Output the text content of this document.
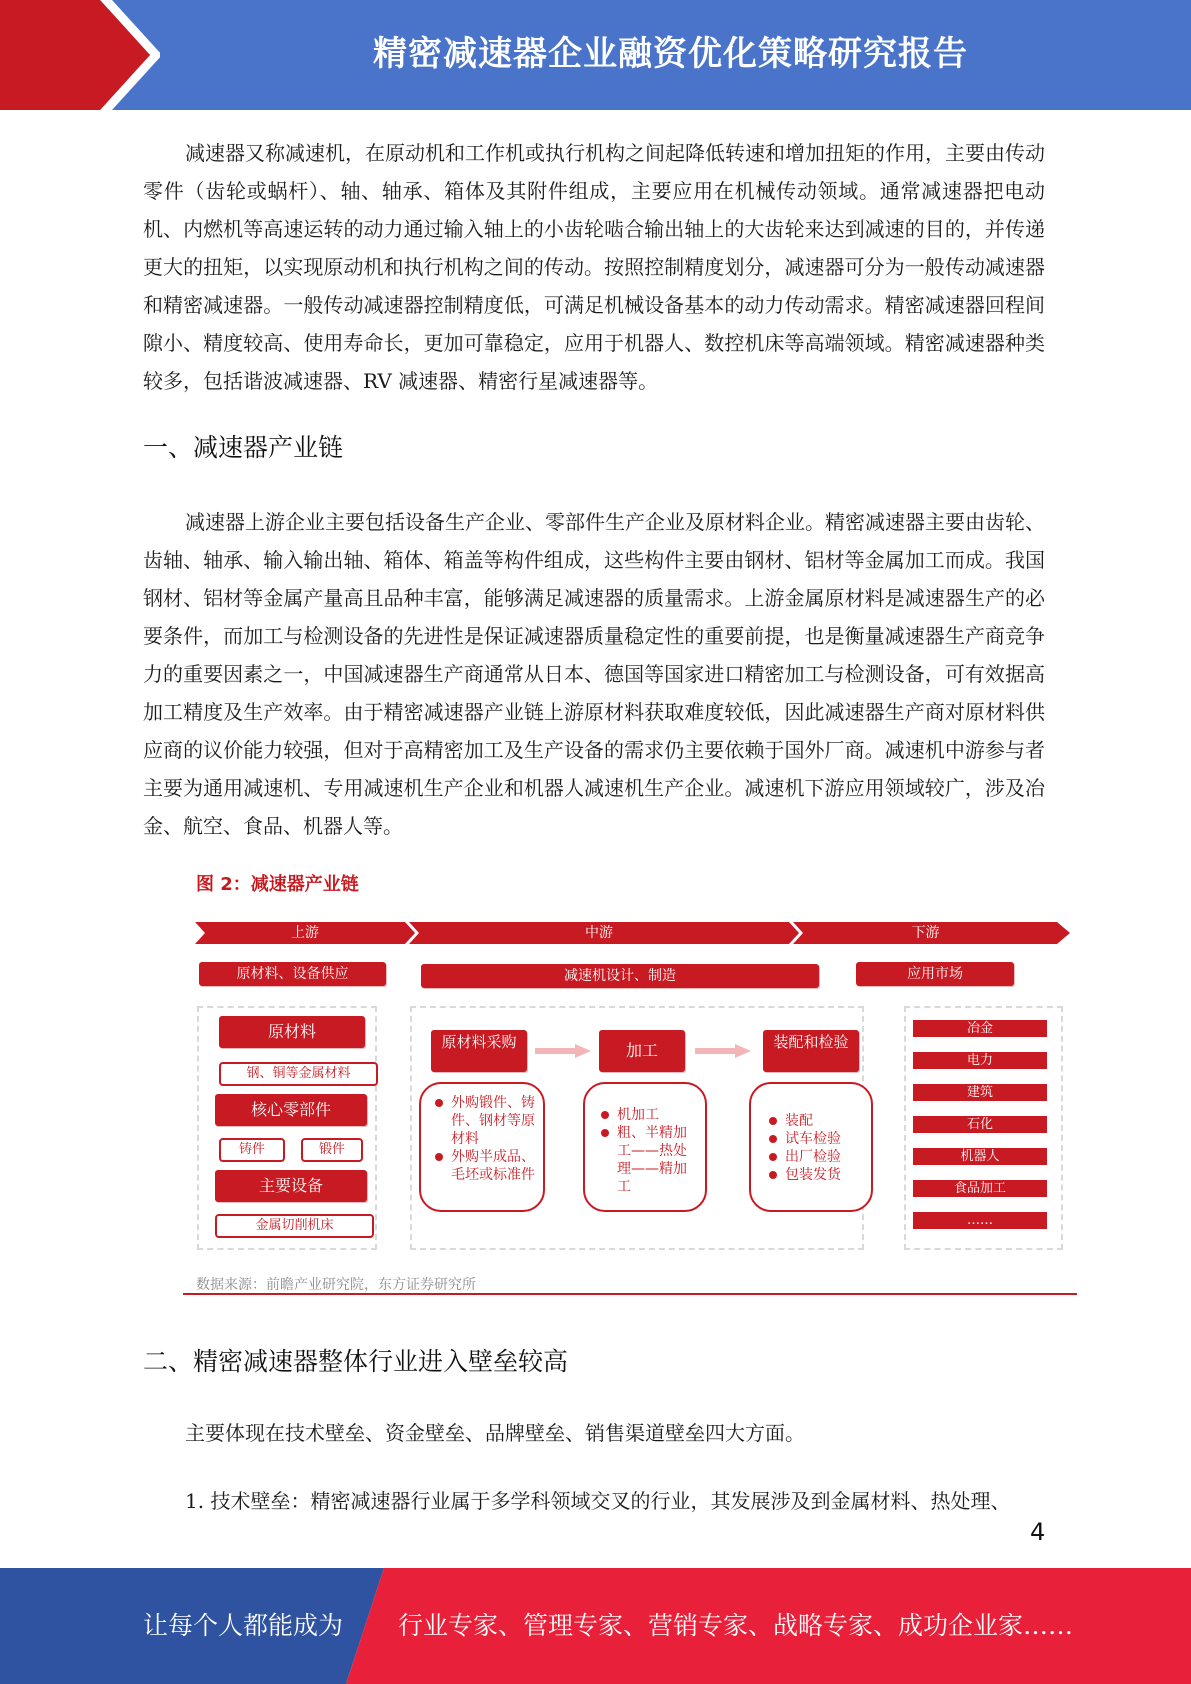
精密减速器企业融资优化策略研究报告

减速器又称减速机，在原动机和工作机或执行机构之间起降低转速和增加扭矩的作用，主要由传动零件（齿轮或蜗杆）、轴、轴承、箱体及其附件组成，主要应用在机械传动领域。通常减速器把电动机、内燃机等高速运转的动力通过输入轴上的小齿轮啮合输出轴上的大齿轮来达到减速的目的，并传递更大的扭矩，以实现原动机和执行机构之间的传动。按照控制精度划分，减速器可分为一般传动减速器和精密减速器。一般传动减速器控制精度低，可满足机械设备基本的动力传动需求。精密减速器回程间隙小、精度较高、使用寿命长，更加可靠稳定，应用于机器人、数控机床等高端领域。精密减速器种类较多，包括谐波减速器、RV 减速器、精密行星减速器等。

一、减速器产业链

减速器上游企业主要包括设备生产企业、零部件生产企业及原材料企业。精密减速器主要由齿轮、齿轴、轴承、输入输出轴、箱体、箱盖等构件组成，这些构件主要由钢材、铝材等金属加工而成。我国钢材、铝材等金属产量高且品种丰富，能够满足减速器的质量需求。上游金属原材料是减速器生产的必要条件，而加工与检测设备的先进性是保证减速器质量稳定性的重要前提，也是衡量减速器生产商竞争力的重要因素之一，中国减速器生产商通常从日本、德国等国家进口精密加工与检测设备，可有效据高加工精度及生产效率。由于精密减速器产业链上游原材料获取难度较低，因此减速器生产商对原材料供应商的议价能力较强，但对于高精密加工及生产设备的需求仍主要依赖于国外厂商。减速机中游参与者主要为通用减速机、专用减速机生产企业和机器人减速机生产企业。减速机下游应用领域较广，涉及冶金、航空、食品、机器人等。

图 2：减速器产业链
上游	中游	下游
原材料、设备供应	减速机设计、制造	应用市场
原材料
钢、铜等金属材料
核心零部件
铸件	锻件
主要设备
金属切削机床
原材料采购	加工	装配和检验
外购锻件、铸件、钢材等原材料
外购半成品、毛坯或标准件
机加工
粗、半精加工——热处理——精加工
装配
试车检验
出厂检验
包装发货
冶金
电力
建筑
石化
机器人
食品加工
……
数据来源：前瞻产业研究院，东方证券研究所
二、精密减速器整体行业进入壁垒较高

主要体现在技术壁垒、资金壁垒、品牌壁垒、销售渠道壁垒四大方面。

1. 技术壁垒：精密减速器行业属于多学科领域交叉的行业，其发展涉及到金属材料、热处理、

4
让每个人都能成为 行业专家、管理专家、营销专家、战略专家、成功企业家……
